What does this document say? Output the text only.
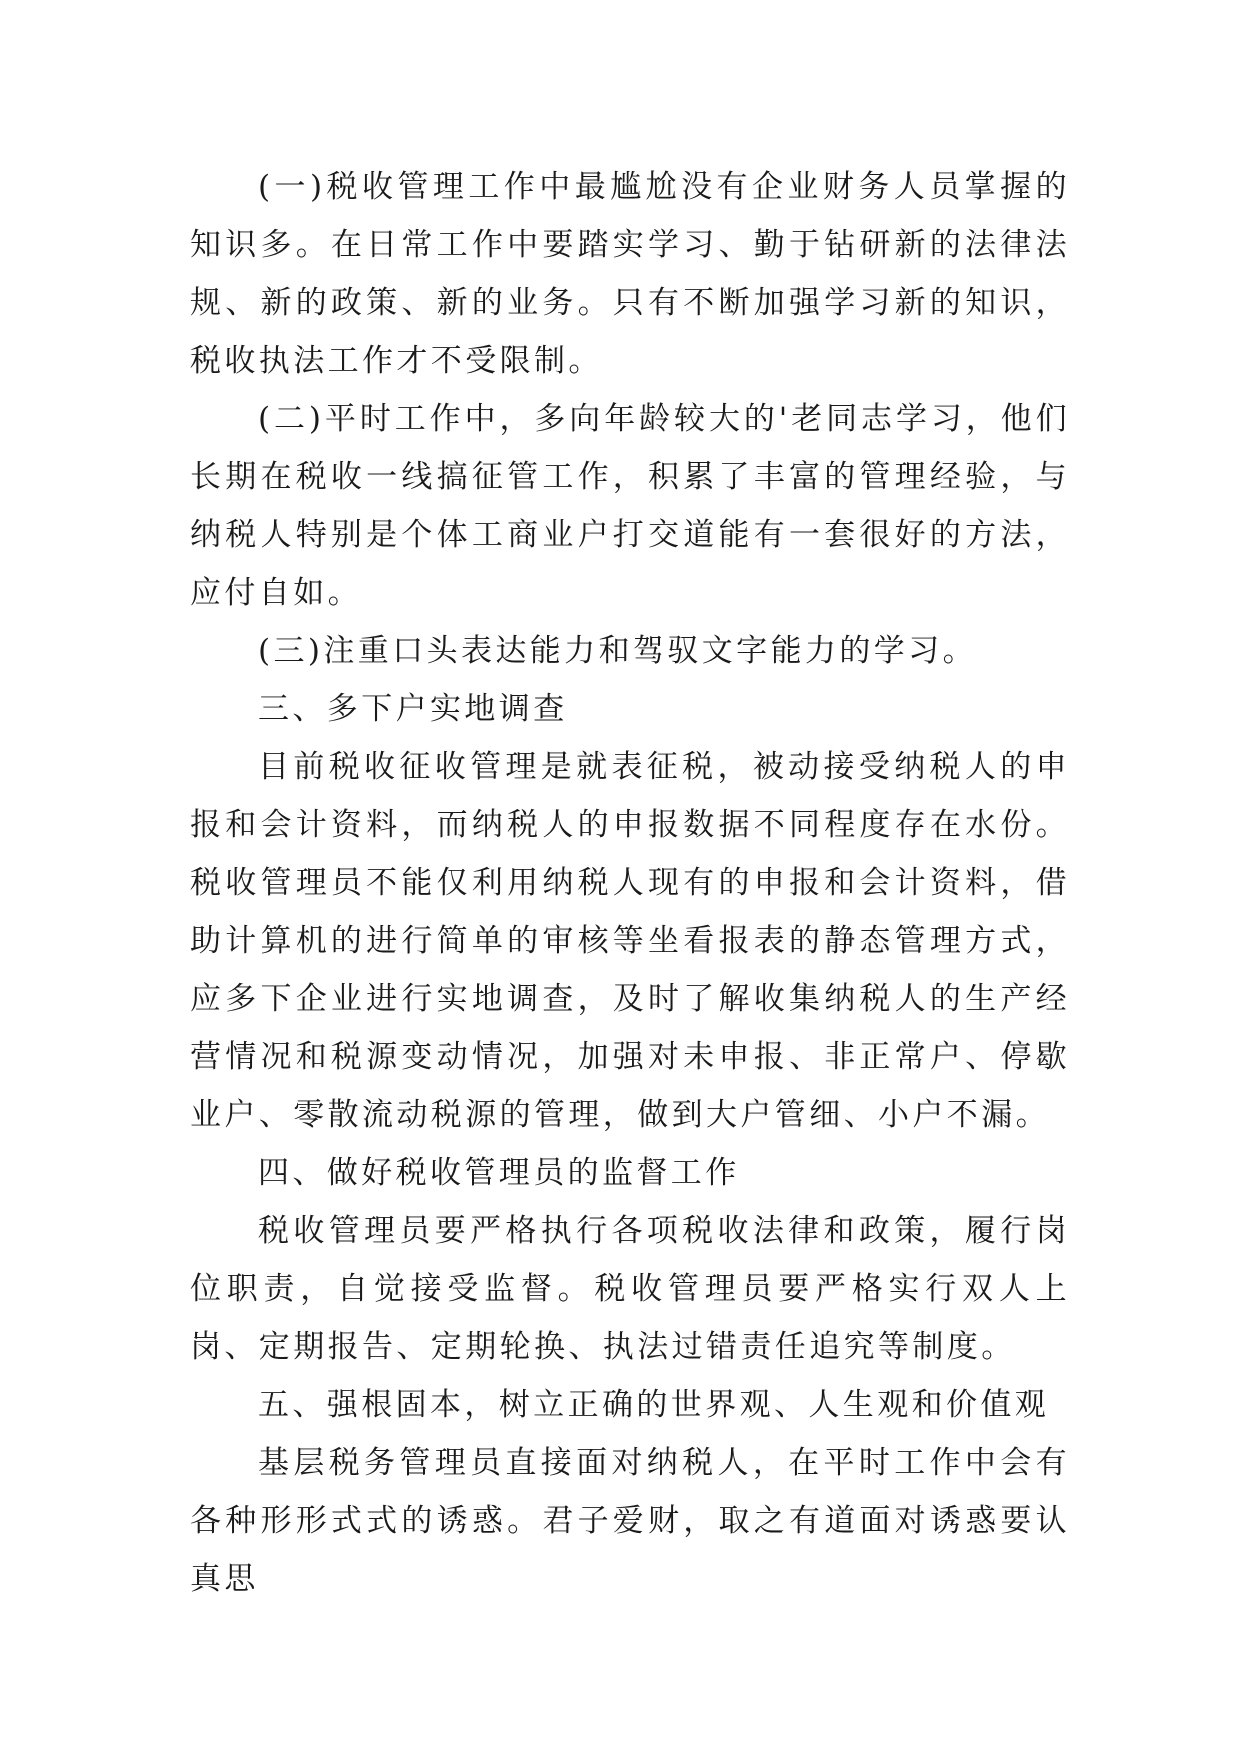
(一)税收管理工作中最尴尬没有企业财务人员掌握的知识多。在日常工作中要踏实学习、勤于钻研新的法律法规、新的政策、新的业务。只有不断加强学习新的知识，税收执法工作才不受限制。

(二)平时工作中，多向年龄较大的'老同志学习，他们长期在税收一线搞征管工作，积累了丰富的管理经验，与纳税人特别是个体工商业户打交道能有一套很好的方法，应付自如。

(三)注重口头表达能力和驾驭文字能力的学习。

三、多下户实地调查

目前税收征收管理是就表征税，被动接受纳税人的申报和会计资料，而纳税人的申报数据不同程度存在水份。税收管理员不能仅利用纳税人现有的申报和会计资料，借助计算机的进行简单的审核等坐看报表的静态管理方式，应多下企业进行实地调查，及时了解收集纳税人的生产经营情况和税源变动情况，加强对未申报、非正常户、停歇业户、零散流动税源的管理，做到大户管细、小户不漏。

四、做好税收管理员的监督工作

税收管理员要严格执行各项税收法律和政策，履行岗位职责，自觉接受监督。税收管理员要严格实行双人上岗、定期报告、定期轮换、执法过错责任追究等制度。

五、强根固本，树立正确的世界观、人生观和价值观

基层税务管理员直接面对纳税人，在平时工作中会有各种形形式式的诱惑。君子爱财，取之有道面对诱惑要认真思
